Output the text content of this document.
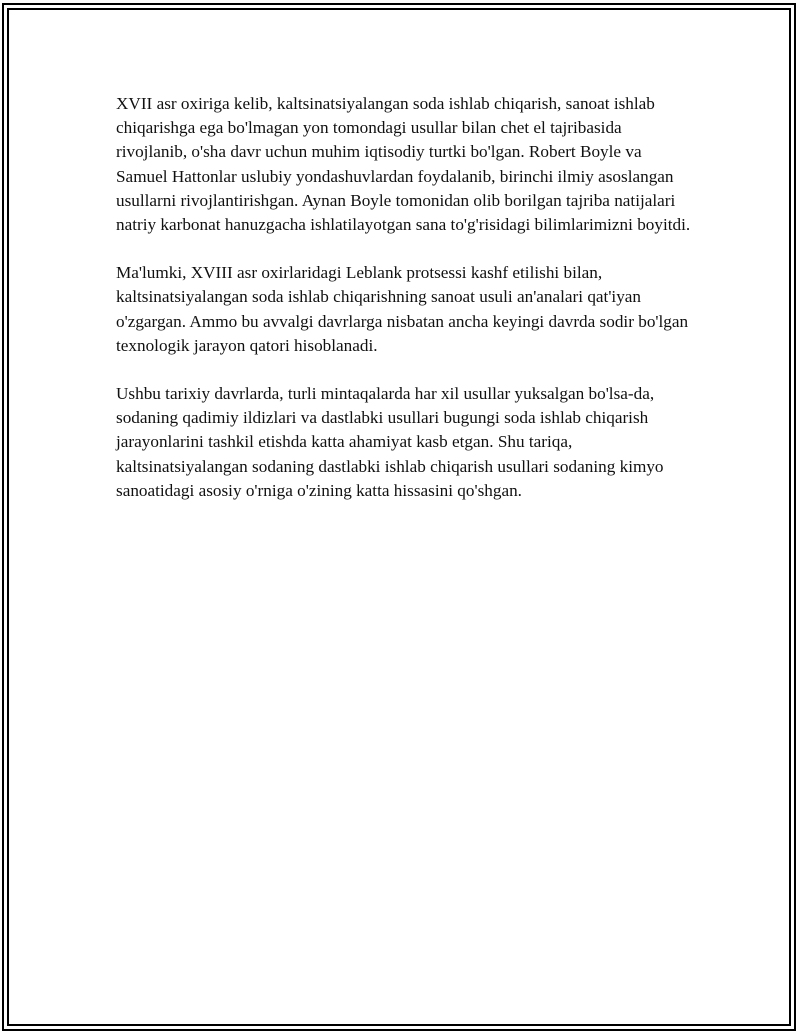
XVII asr oxiriga kelib, kaltsinatsiyalangan soda ishlab chiqarish, sanoat ishlab chiqarishga ega bo'lmagan yon tomondagi usullar bilan chet el tajribasida rivojlanib, o'sha davr uchun muhim iqtisodiy turtki bo'lgan. Robert Boyle va Samuel Hattonlar uslubiy yondashuvlardan foydalanib, birinchi ilmiy asoslangan usullarni rivojlantirishgan. Aynan Boyle tomonidan olib borilgan tajriba natijalari natriy karbonat hanuzgacha ishlatilayotgan sana to'g'risidagi bilimlarimizni boyitdi.

Ma'lumki, XVIII asr oxirlaridagi Leblank protsessi kashf etilishi bilan, kaltsinatsiyalangan soda ishlab chiqarishning sanoat usuli an'analari qat'iyan o'zgargan. Ammo bu avvalgi davrlarga nisbatan ancha keyingi davrda sodir bo'lgan texnologik jarayon qatori hisoblanadi.

Ushbu tarixiy davrlarda, turli mintaqalarda har xil usullar yuksalgan bo'lsa-da, sodaning qadimiy ildizlari va dastlabki usullari bugungi soda ishlab chiqarish jarayonlarini tashkil etishda katta ahamiyat kasb etgan. Shu tariqa, kaltsinatsiyalangan sodaning dastlabki ishlab chiqarish usullari sodaning kimyo sanoatidagi asosiy o'rniga o'zining katta hissasini qo'shgan.
